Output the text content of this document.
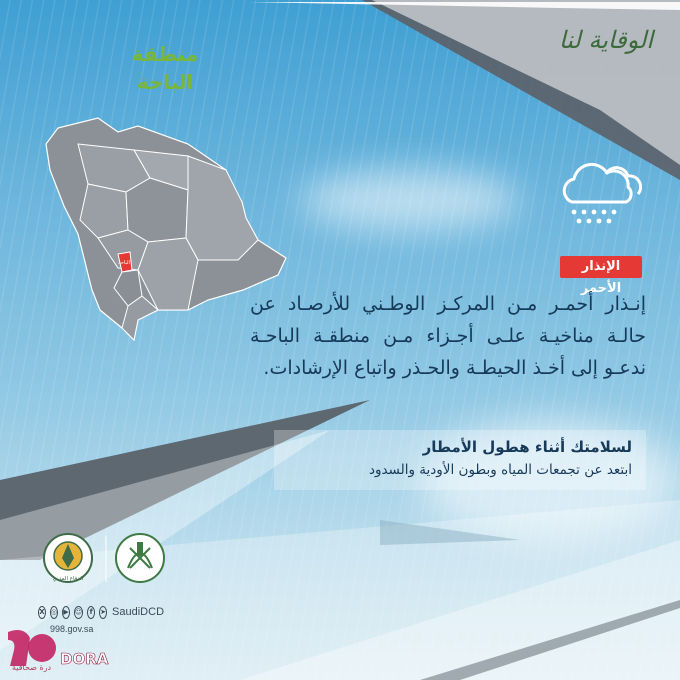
الوقاية لنا
منطقة
الباحة
الباحة	الإنذار الأحمر
إنـذار أحمـر مـن المركـز الوطـني للأرصـاد عن
حالـة مناخيـة علـى أجـزاء مـن منطقـة الباحـة
ندعـو إلى أخـذ الحيطـة والحـذر واتباع الإرشادات.
لسلامتك أثناء هطول الأمطار
ابتعد عن تجمعات المياه وبطون الأودية والسدود
الدفاع المدني
X ◎ ▶ ☺	f	➤ SaudiDCD
998.gov.sa
DORA
درة صحافية
